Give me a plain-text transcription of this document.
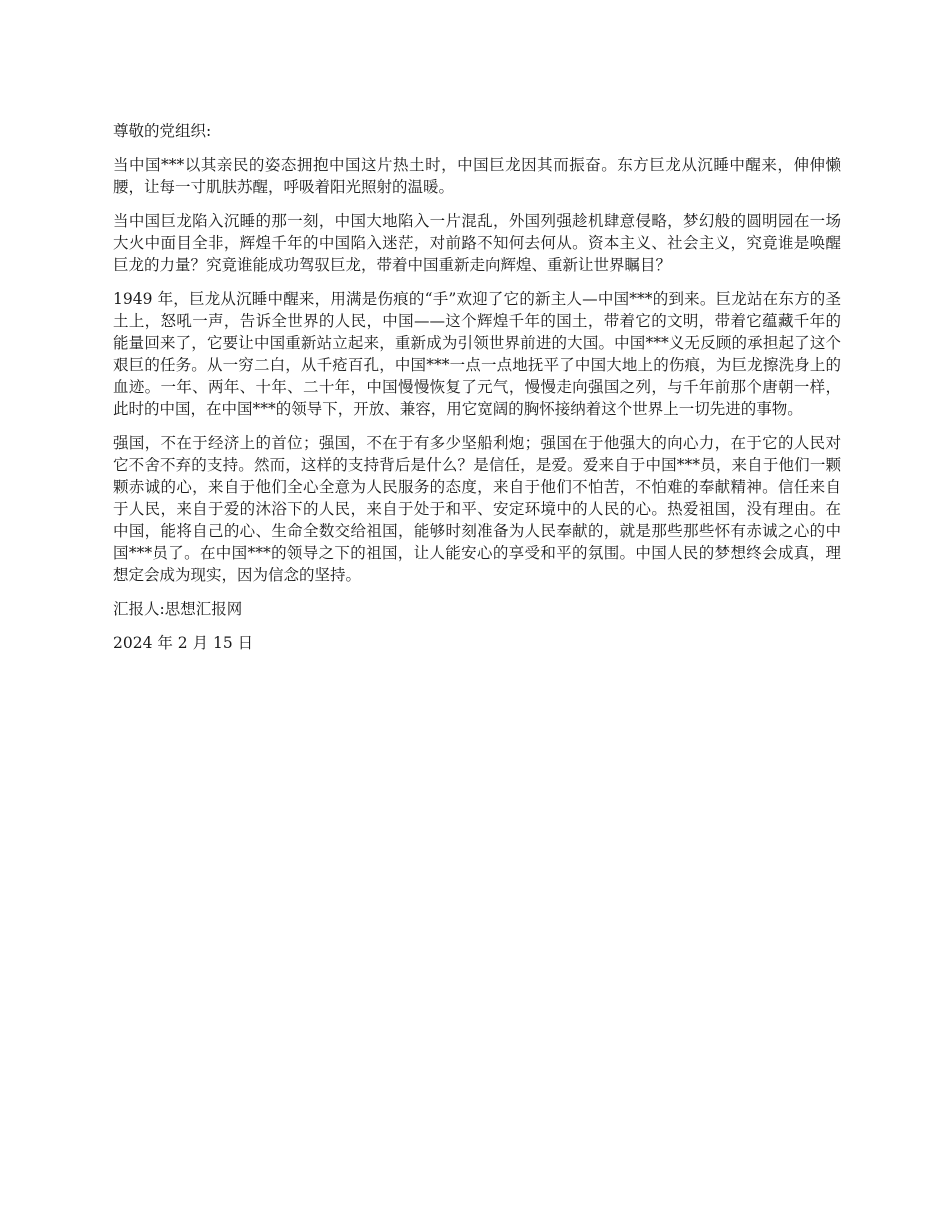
尊敬的党组织:

当中国***以其亲民的姿态拥抱中国这片热土时，中国巨龙因其而振奋。东方巨龙从沉睡中醒来，伸伸懒腰，让每一寸肌肤苏醒，呼吸着阳光照射的温暖。

当中国巨龙陷入沉睡的那一刻，中国大地陷入一片混乱，外国列强趁机肆意侵略，梦幻般的圆明园在一场大火中面目全非，辉煌千年的中国陷入迷茫，对前路不知何去何从。资本主义、社会主义，究竟谁是唤醒巨龙的力量？究竟谁能成功驾驭巨龙，带着中国重新走向辉煌、重新让世界瞩目？

1949 年，巨龙从沉睡中醒来，用满是伤痕的“手”欢迎了它的新主人—中国***的到来。巨龙站在东方的圣土上，怒吼一声，告诉全世界的人民，中国——这个辉煌千年的国土，带着它的文明，带着它蕴藏千年的能量回来了，它要让中国重新站立起来，重新成为引领世界前进的大国。中国***义无反顾的承担起了这个艰巨的任务。从一穷二白，从千疮百孔，中国***一点一点地抚平了中国大地上的伤痕，为巨龙擦洗身上的血迹。一年、两年、十年、二十年，中国慢慢恢复了元气，慢慢走向强国之列，与千年前那个唐朝一样，此时的中国，在中国***的领导下，开放、兼容，用它宽阔的胸怀接纳着这个世界上一切先进的事物。

强国，不在于经济上的首位；强国，不在于有多少坚船利炮；强国在于他强大的向心力，在于它的人民对它不舍不弃的支持。然而，这样的支持背后是什么？是信任，是爱。爱来自于中国***员，来自于他们一颗颗赤诚的心，来自于他们全心全意为人民服务的态度，来自于他们不怕苦，不怕难的奉献精神。信任来自于人民，来自于爱的沐浴下的人民，来自于处于和平、安定环境中的人民的心。热爱祖国，没有理由。在中国，能将自己的心、生命全数交给祖国，能够时刻准备为人民奉献的，就是那些那些怀有赤诚之心的中国***员了。在中国***的领导之下的祖国，让人能安心的享受和平的氛围。中国人民的梦想终会成真，理想定会成为现实，因为信念的坚持。

汇报人:思想汇报网

2024 年 2 月 15 日
